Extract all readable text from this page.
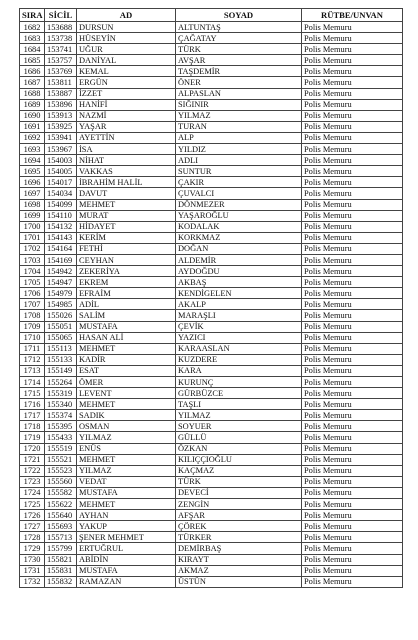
SIRA	SİCİL	AD	SOYAD	RÜTBE/UNVAN
1682	153688	DURSUN	ALTUNTAŞ	Polis Memuru
1683	153738	HÜSEYİN	ÇAĞATAY	Polis Memuru
1684	153741	UĞUR	TÜRK	Polis Memuru
1685	153757	DANİYAL	AVŞAR	Polis Memuru
1686	153769	KEMAL	TAŞDEMİR	Polis Memuru
1687	153811	ERGÜN	ÖNER	Polis Memuru
1688	153887	İZZET	ALPASLAN	Polis Memuru
1689	153896	HANİFİ	SIĞINIR	Polis Memuru
1690	153913	NAZMİ	YILMAZ	Polis Memuru
1691	153925	YAŞAR	TURAN	Polis Memuru
1692	153941	AYETTİN	ALP	Polis Memuru
1693	153967	İSA	YILDIZ	Polis Memuru
1694	154003	NİHAT	ADLI	Polis Memuru
1695	154005	VAKKAS	SUNTUR	Polis Memuru
1696	154017	İBRAHİM HALİL	ÇAKIR	Polis Memuru
1697	154034	DAVUT	ÇUVALCI	Polis Memuru
1698	154099	MEHMET	DÖNMEZER	Polis Memuru
1699	154110	MURAT	YAŞAROĞLU	Polis Memuru
1700	154132	HİDAYET	KODALAK	Polis Memuru
1701	154143	KERİM	KORKMAZ	Polis Memuru
1702	154164	FETHİ	DOĞAN	Polis Memuru
1703	154169	CEYHAN	ALDEMİR	Polis Memuru
1704	154942	ZEKERİYA	AYDOĞDU	Polis Memuru
1705	154947	EKREM	AKBAŞ	Polis Memuru
1706	154979	EFRAİM	KENDİGELEN	Polis Memuru
1707	154985	ADİL	AKALP	Polis Memuru
1708	155026	SALİM	MARAŞLI	Polis Memuru
1709	155051	MUSTAFA	ÇEVİK	Polis Memuru
1710	155065	HASAN ALİ	YAZICI	Polis Memuru
1711	155113	MEHMET	KARAASLAN	Polis Memuru
1712	155133	KADİR	KUZDERE	Polis Memuru
1713	155149	ESAT	KARA	Polis Memuru
1714	155264	ÖMER	KURUNÇ	Polis Memuru
1715	155319	LEVENT	GÜRBÜZCE	Polis Memuru
1716	155340	MEHMET	TAŞLI	Polis Memuru
1717	155374	SADIK	YILMAZ	Polis Memuru
1718	155395	OSMAN	SOYUER	Polis Memuru
1719	155433	YILMAZ	GÜLLÜ	Polis Memuru
1720	155519	ENÜS	ÖZKAN	Polis Memuru
1721	155521	MEHMET	KILIÇÇIOĞLU	Polis Memuru
1722	155523	YILMAZ	KAÇMAZ	Polis Memuru
1723	155560	VEDAT	TÜRK	Polis Memuru
1724	155582	MUSTAFA	DEVECİ	Polis Memuru
1725	155622	MEHMET	ZENGİN	Polis Memuru
1726	155640	AYHAN	AFŞAR	Polis Memuru
1727	155693	YAKUP	ÇÖREK	Polis Memuru
1728	155713	ŞENER MEHMET	TÜRKER	Polis Memuru
1729	155799	ERTUĞRUL	DEMİRBAŞ	Polis Memuru
1730	155821	ABİDİN	KIRAYT	Polis Memuru
1731	155831	MUSTAFA	AKMAZ	Polis Memuru
1732	155832	RAMAZAN	ÜSTÜN	Polis Memuru
